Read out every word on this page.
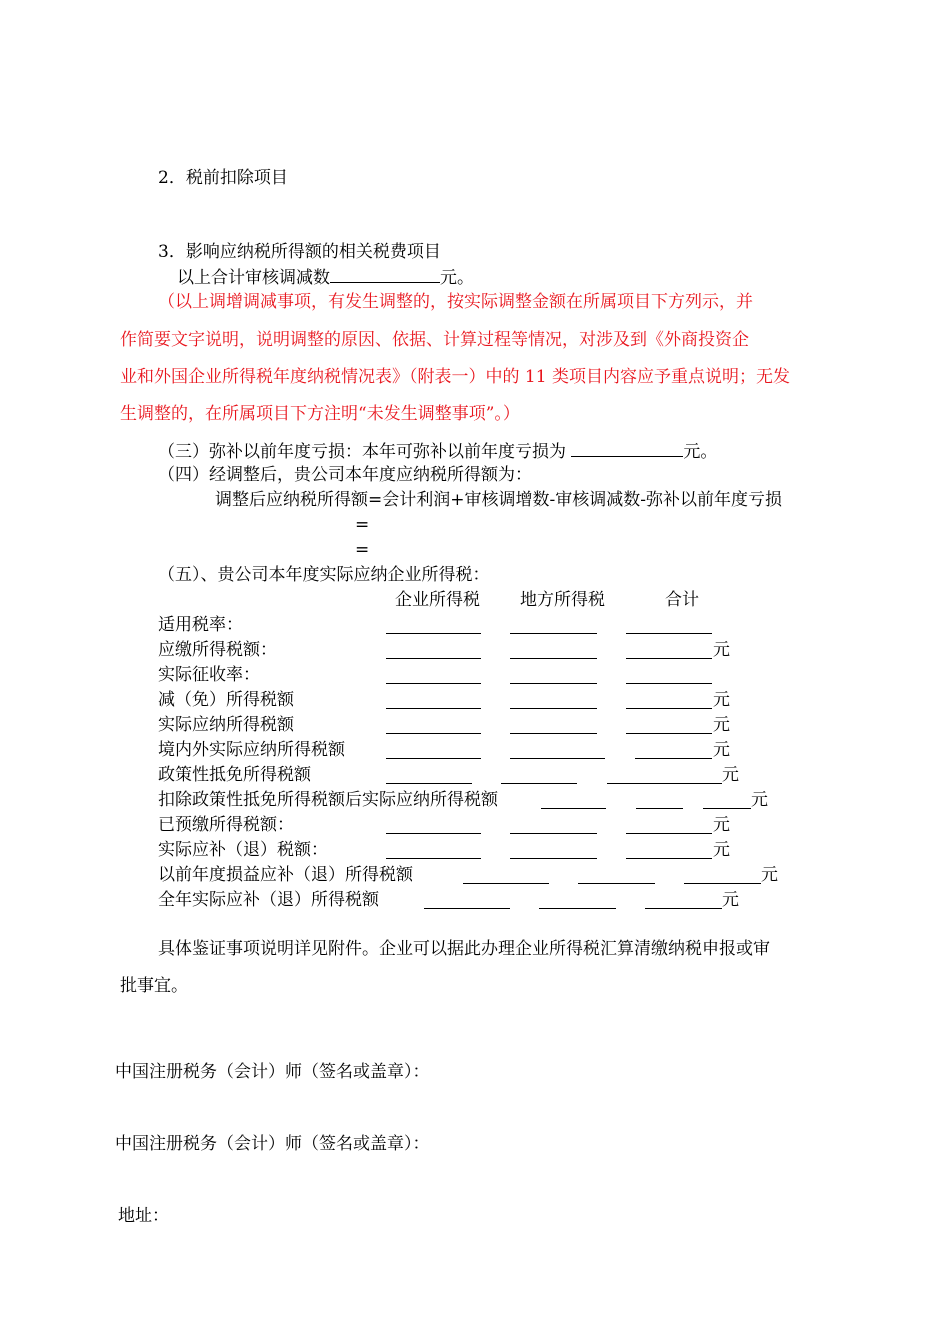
2．税前扣除项目
3．影响应纳税所得额的相关税费项目
以上合计审核调减数	元。
（以上调增调减事项，有发生调整的，按实际调整金额在所属项目下方列示，并
作简要文字说明，说明调整的原因、依据、计算过程等情况，对涉及到《外商投资企
业和外国企业所得税年度纳税情况表》（附表一）中的 11 类项目内容应予重点说明；无发
生调整的，在所属项目下方注明“未发生调整事项”。）
（三）弥补以前年度亏损：本年可弥补以前年度亏损为	元。
（四）经调整后，贵公司本年度应纳税所得额为：
调整后应纳税所得额=会计利润+审核调增数-审核调减数-弥补以前年度亏损
=
=
（五）、贵公司本年度实际应纳企业所得税：
企业所得税 地方所得税	合计
适用税率：
应缴所得税额：	元
实际征收率：
减（免）所得税额	元
实际应纳所得税额	元
境内外实际应纳所得税额	元
政策性抵免所得税额	元
扣除政策性抵免所得税额后实际应纳所得税额	元
已预缴所得税额：	元
实际应补（退）税额：	元
以前年度损益应补（退）所得税额	元
全年实际应补（退）所得税额	元
具体鉴证事项说明详见附件。企业可以据此办理企业所得税汇算清缴纳税申报或审
批事宜。
中国注册税务（会计）师（签名或盖章）：
中国注册税务（会计）师（签名或盖章）：
地址：
